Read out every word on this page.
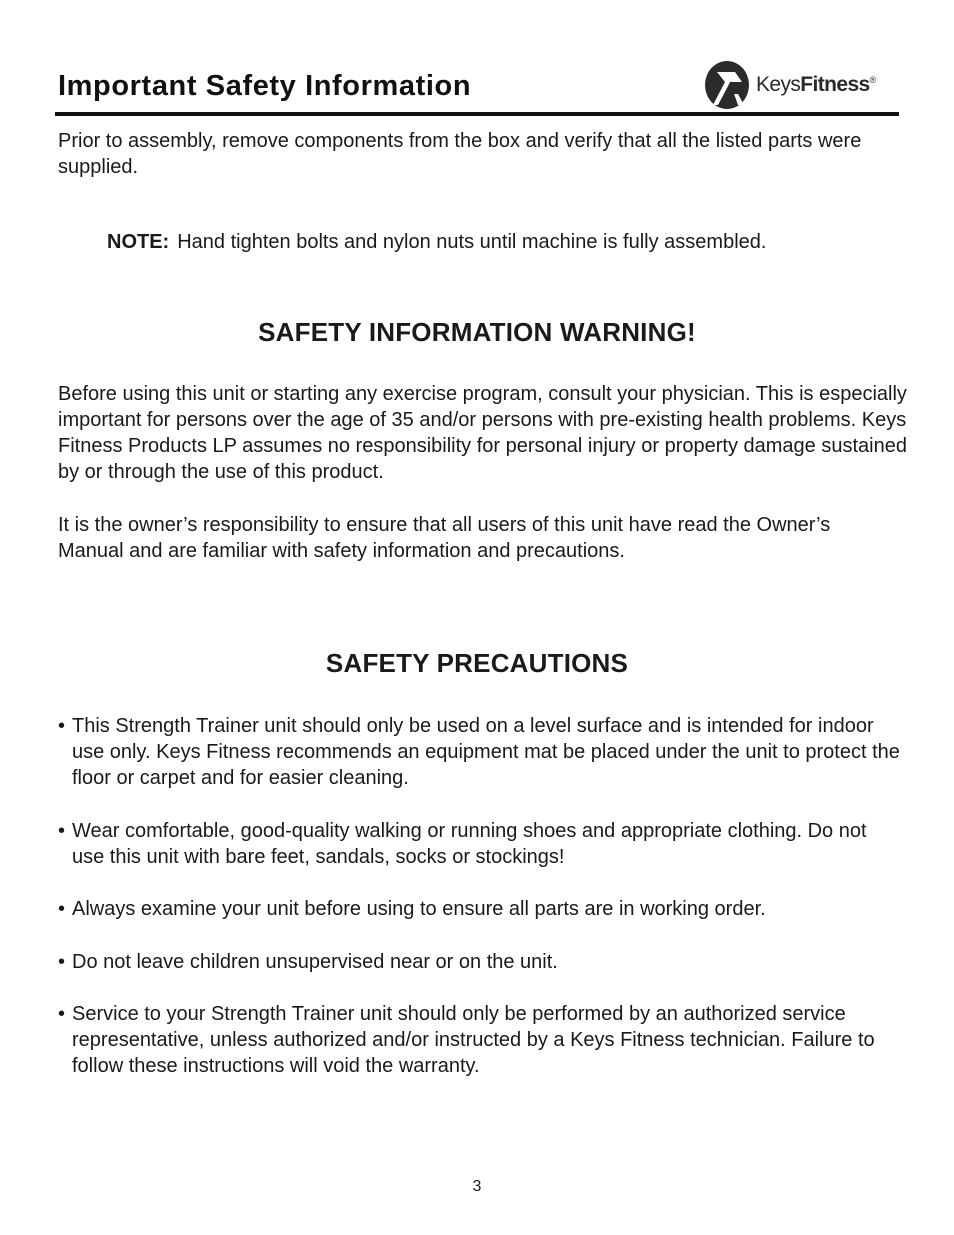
Important Safety Information	KeysFitness®

Prior to assembly, remove components from the box and verify that all the listed parts were supplied.

NOTE: Hand tighten bolts and nylon nuts until machine is fully assembled.

SAFETY INFORMATION WARNING!

Before using this unit or starting any exercise program, consult your physician. This is especially important for persons over the age of 35 and/or persons with pre-existing health problems. Keys Fitness Products LP assumes no responsibility for personal injury or property damage sustained by or through the use of this product.

It is the owner’s responsibility to ensure that all users of this unit have read the Owner’s Manual and are familiar with safety information and precautions.

SAFETY PRECAUTIONS
• This Strength Trainer unit should only be used on a level surface and is intended for indoor use only. Keys Fitness recommends an equipment mat be placed under the unit to protect the floor or carpet and for easier cleaning.
• Wear comfortable, good-quality walking or running shoes and appropriate clothing. Do not use this unit with bare feet, sandals, socks or stockings!
• Always examine your unit before using to ensure all parts are in working order.
• Do not leave children unsupervised near or on the unit.
• Service to your Strength Trainer unit should only be performed by an authorized service representative, unless authorized and/or instructed by a Keys Fitness technician. Failure to follow these instructions will void the warranty.

3
